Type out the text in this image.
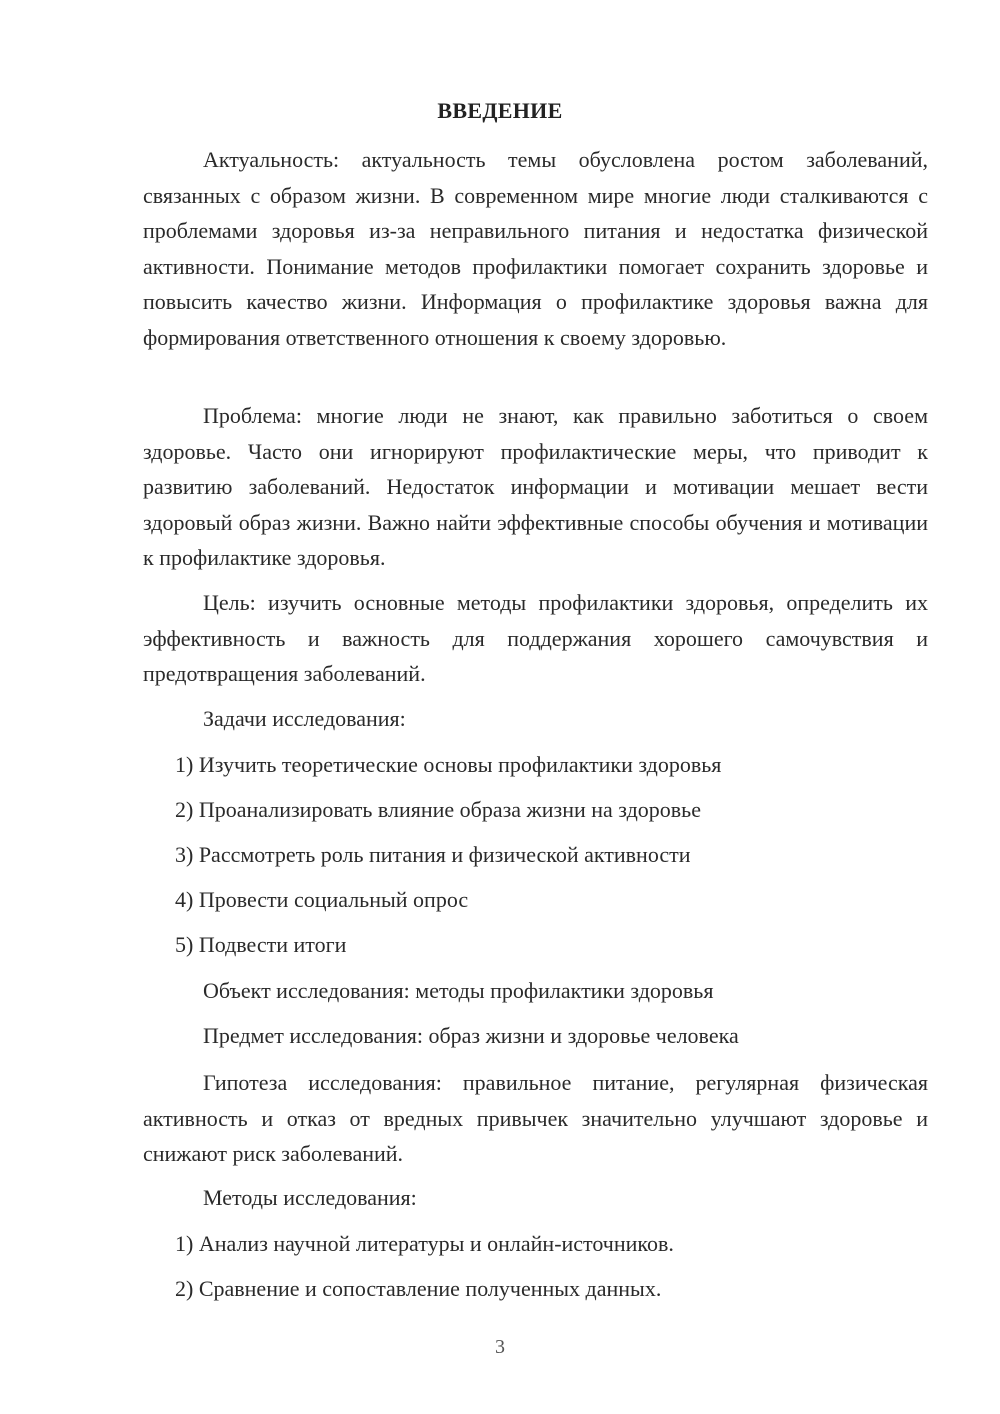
ВВЕДЕНИЕ

Актуальность: актуальность темы обусловлена ростом заболеваний, связанных с образом жизни. В современном мире многие люди сталкиваются с проблемами здоровья из-за неправильного питания и недостатка физической активности. Понимание методов профилактики помогает сохранить здоровье и повысить качество жизни. Информация о профилактике здоровья важна для формирования ответственного отношения к своему здоровью.

Проблема: многие люди не знают, как правильно заботиться о своем здоровье. Часто они игнорируют профилактические меры, что приводит к развитию заболеваний. Недостаток информации и мотивации мешает вести здоровый образ жизни. Важно найти эффективные способы обучения и мотивации к профилактике здоровья.

Цель: изучить основные методы профилактики здоровья, определить их эффективность и важность для поддержания хорошего самочувствия и предотвращения заболеваний.

Задачи исследования:
1) Изучить теоретические основы профилактики здоровья
2) Проанализировать влияние образа жизни на здоровье
3) Рассмотреть роль питания и физической активности
4) Провести социальный опрос
5) Подвести итоги
Объект исследования: методы профилактики здоровья
Предмет исследования: образ жизни и здоровье человека

Гипотеза исследования: правильное питание, регулярная физическая активность и отказ от вредных привычек значительно улучшают здоровье и снижают риск заболеваний.

Методы исследования:
1) Анализ научной литературы и онлайн-источников.
2) Сравнение и сопоставление полученных данных.
3
